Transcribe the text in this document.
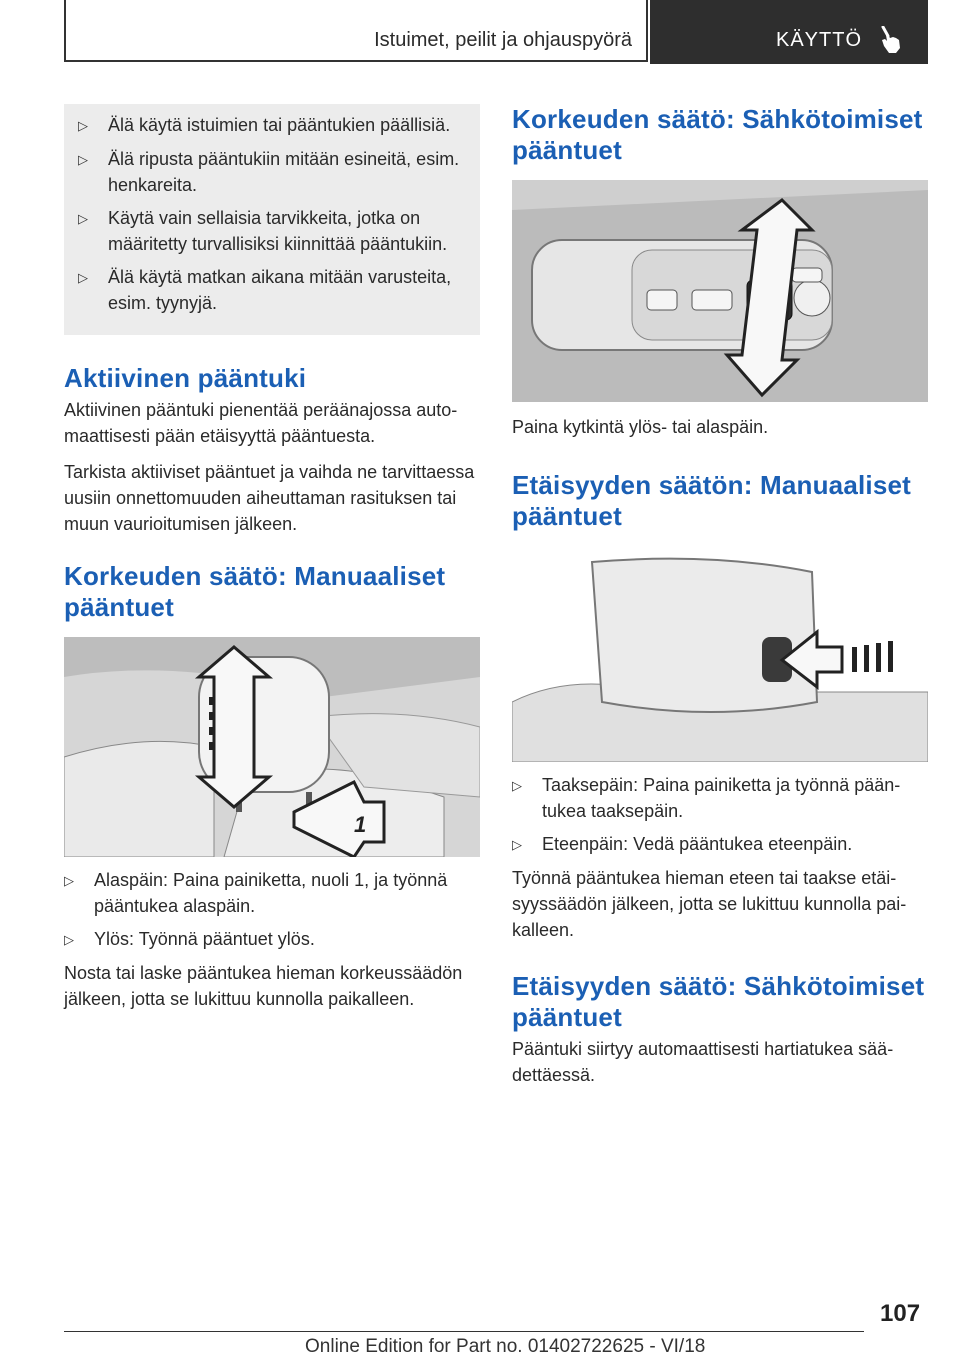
Istuimet, peilit ja ohjauspyörä	KÄYTTÖ
▷	Älä käytä istuimien tai pääntukien päällisiä.
▷	Älä ripusta pääntukiin mitään esineitä, esim. henkareita.
▷	Käytä vain sellaisia tarvikkeita, jotka on määritetty turvallisiksi kiinnittää pääntukiin.
▷	Älä käytä matkan aikana mitään varusteita, esim. tyynyjä.
Aktiivinen pääntuki

Aktiivinen pääntuki pienentää peräänajossa automaattisesti pään etäisyyttä pääntuesta.

Tarkista aktiiviset pääntuet ja vaihda ne tarvittaessa uusiin onnettomuuden aiheuttaman rasituksen tai muun vaurioitumisen jälkeen.

Korkeuden säätö: Manuaaliset pääntuet
1
▷	Alaspäin: Paina painiketta, nuoli 1, ja työnnä pääntukea alaspäin.
▷	Ylös: Työnnä pääntuet ylös.

Nosta tai laske pääntukea hieman korkeussäädön jälkeen, jotta se lukittuu kunnolla paikalleen.

Korkeuden säätö: Sähkötoimiset pääntuet

Paina kytkintä ylös- tai alaspäin.

Etäisyyden säätön: Manuaaliset pääntuet
▷	Taaksepäin: Paina painiketta ja työnnä pääntukea taaksepäin.
▷	Eteenpäin: Vedä pääntukea eteenpäin.

Työnnä pääntukea hieman eteen tai taakse etäisyyssäädön jälkeen, jotta se lukittuu kunnolla paikalleen.

Etäisyyden säätö: Sähkötoimiset pääntuet

Pääntuki siirtyy automaattisesti hartiatukea säädettäessä.

107
Online Edition for Part no. 01402722625 - VI/18
